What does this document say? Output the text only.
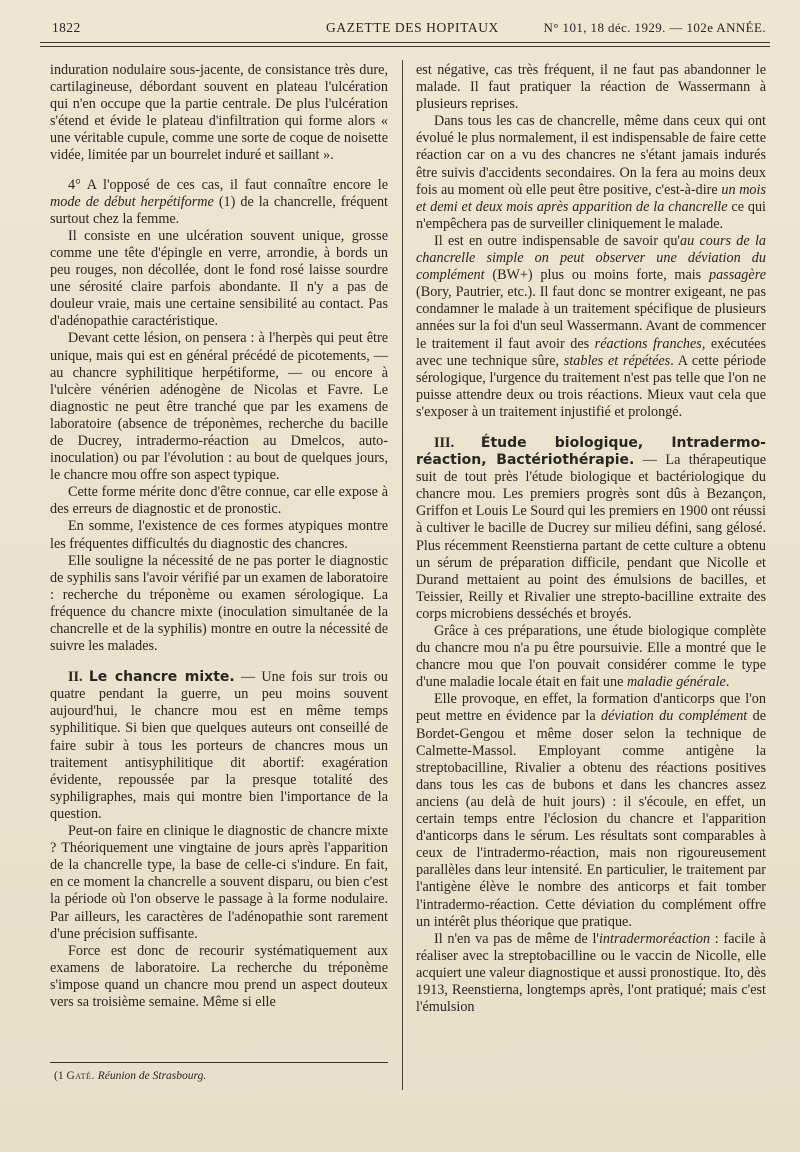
1822	GAZETTE DES HOPITAUX	N° 101, 18 déc. 1929. — 102e ANNÉE.

induration nodulaire sous-jacente, de consistance très dure, cartilagineuse, débordant souvent en plateau l'ulcération qui n'en occupe que la partie centrale. De plus l'ulcération s'étend et évide le plateau d'infiltration qui forme alors « une véritable cupule, comme une sorte de coque de noisette vidée, limitée par un bourrelet induré et saillant ».

4° A l'opposé de ces cas, il faut connaître encore le mode de début herpétiforme (1) de la chancrelle, fréquent surtout chez la femme.

Il consiste en une ulcération souvent unique, grosse comme une tête d'épingle en verre, arrondie, à bords un peu rouges, non décollée, dont le fond rosé laisse sourdre une sérosité claire parfois abondante. Il n'y a pas de douleur vraie, mais une certaine sensibilité au contact. Pas d'adénopathie caractéristique.

Devant cette lésion, on pensera : à l'herpès qui peut être unique, mais qui est en général précédé de picotements, — au chancre syphilitique herpétiforme, — ou encore à l'ulcère vénérien adénogène de Nicolas et Favre. Le diagnostic ne peut être tranché que par les examens de laboratoire (absence de tréponèmes, recherche du bacille de Ducrey, intradermo-réaction au Dmelcos, auto-inoculation) ou par l'évolution : au bout de quelques jours, le chancre mou offre son aspect typique.

Cette forme mérite donc d'être connue, car elle expose à des erreurs de diagnostic et de pronostic.

En somme, l'existence de ces formes atypiques montre les fréquentes difficultés du diagnostic des chancres.

Elle souligne la nécessité de ne pas porter le diagnostic de syphilis sans l'avoir vérifié par un examen de laboratoire : recherche du tréponème ou examen sérologique. La fréquence du chancre mixte (inoculation simultanée de la chancrelle et de la syphilis) montre en outre la nécessité de suivre les malades.

II. Le chancre mixte. — Une fois sur trois ou quatre pendant la guerre, un peu moins souvent aujourd'hui, le chancre mou est en même temps syphilitique. Si bien que quelques auteurs ont conseillé de faire subir à tous les porteurs de chancres mous un traitement antisyphilitique dit abortif: exagération évidente, repoussée par la presque totalité des syphiligraphes, mais qui montre bien l'importance de la question.

Peut-on faire en clinique le diagnostic de chancre mixte ? Théoriquement une vingtaine de jours après l'apparition de la chancrelle type, la base de celle-ci s'indure. En fait, en ce moment la chancrelle a souvent disparu, ou bien c'est la période où l'on observe le passage à la forme nodulaire. Par ailleurs, les caractères de l'adénopathie sont rarement d'une précision suffisante.

Force est donc de recourir systématiquement aux examens de laboratoire. La recherche du tréponème s'impose quand un chancre mou prend un aspect douteux vers sa troisième semaine. Même si elle

(1 Gaté. Réunion de Strasbourg.

est négative, cas très fréquent, il ne faut pas abandonner le malade. Il faut pratiquer la réaction de Wassermann à plusieurs reprises.

Dans tous les cas de chancrelle, même dans ceux qui ont évolué le plus normalement, il est indispensable de faire cette réaction car on a vu des chancres ne s'étant jamais indurés être suivis d'accidents secondaires. On la fera au moins deux fois au moment où elle peut être positive, c'est-à-dire un mois et demi et deux mois après apparition de la chancrelle ce qui n'empêchera pas de surveiller cliniquement le malade.

Il est en outre indispensable de savoir qu'au cours de la chancrelle simple on peut observer une déviation du complément (BW+) plus ou moins forte, mais passagère (Bory, Pautrier, etc.). Il faut donc se montrer exigeant, ne pas condamner le malade à un traitement spécifique de plusieurs années sur la foi d'un seul Wassermann. Avant de commencer le traitement il faut avoir des réactions franches, exécutées avec une technique sûre, stables et répétées. A cette période sérologique, l'urgence du traitement n'est pas telle que l'on ne puisse attendre deux ou trois réactions. Mieux vaut cela que s'exposer à un traitement injustifié et prolongé.

III. Étude biologique, Intradermo-réaction, Bactériothérapie. — La thérapeutique suit de tout près l'étude biologique et bactériologique du chancre mou. Les premiers progrès sont dûs à Bezançon, Griffon et Louis Le Sourd qui les premiers en 1900 ont réussi à cultiver le bacille de Ducrey sur milieu défini, sang gélosé. Plus récemment Reenstierna partant de cette culture a obtenu un sérum de préparation difficile, pendant que Nicolle et Durand mettaient au point des émulsions de bacilles, et Teissier, Reilly et Rivalier une strepto-bacilline extraite des corps microbiens desséchés et broyés.

Grâce à ces préparations, une étude biologique complète du chancre mou n'a pu être poursuivie. Elle a montré que le chancre mou que l'on pouvait considérer comme le type d'une maladie locale était en fait une maladie générale.

Elle provoque, en effet, la formation d'anticorps que l'on peut mettre en évidence par la déviation du complément de Bordet-Gengou et même doser selon la technique de Calmette-Massol. Employant comme antigène la streptobacilline, Rivalier a obtenu des réactions positives dans tous les cas de bubons et dans les chancres assez anciens (au delà de huit jours) : il s'écoule, en effet, un certain temps entre l'éclosion du chancre et l'apparition d'anticorps dans le sérum. Les résultats sont comparables à ceux de l'intradermo-réaction, mais non rigoureusement parallèles dans leur intensité. En particulier, le traitement par l'antigène élève le nombre des anticorps et fait tomber l'intradermo-réaction. Cette déviation du complément offre un intérêt plus théorique que pratique.

Il n'en va pas de même de l'intradermoréaction : facile à réaliser avec la streptobacilline ou le vaccin de Nicolle, elle acquiert une valeur diagnostique et aussi pronostique. Ito, dès 1913, Reenstierna, longtemps après, l'ont pratiqué; mais c'est l'émulsion
